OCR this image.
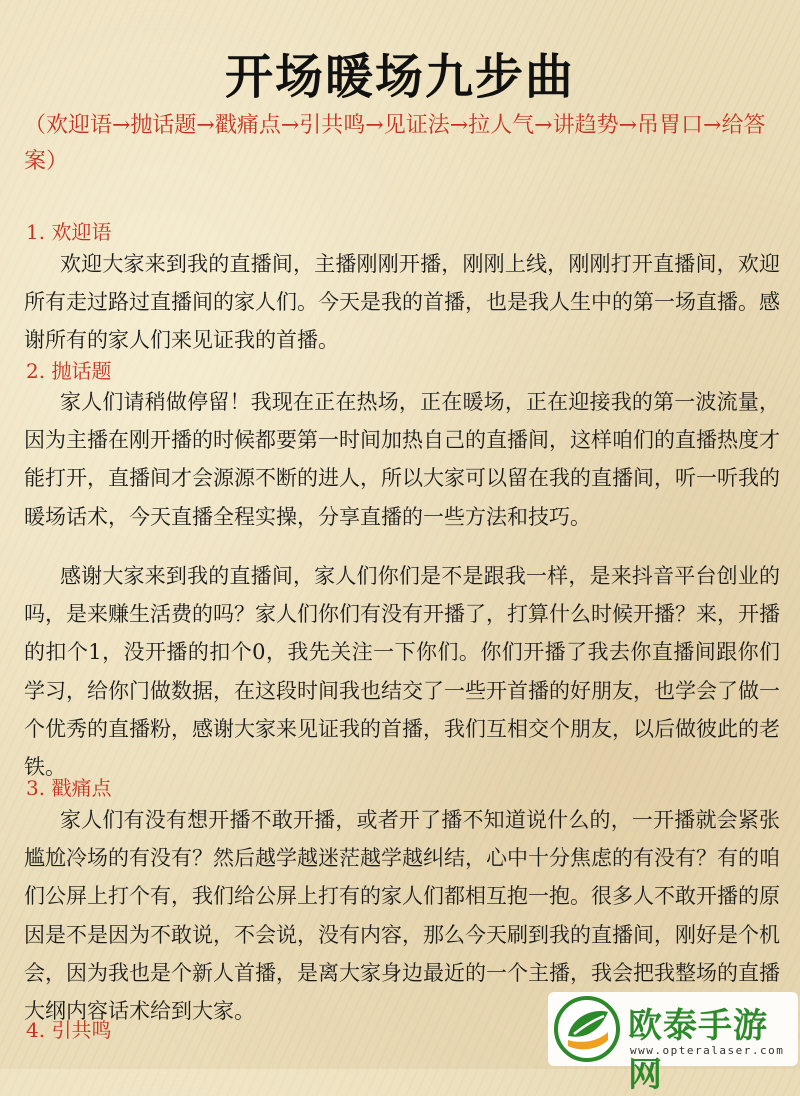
开场暖场九步曲
（欢迎语→抛话题→戳痛点→引共鸣→见证法→拉人气→讲趋势→吊胃口→给答案）
1. 欢迎语
欢迎大家来到我的直播间，主播刚刚开播，刚刚上线，刚刚打开直播间，欢迎所有走过路过直播间的家人们。今天是我的首播，也是我人生中的第一场直播。感谢所有的家人们来见证我的首播。
2. 抛话题
家人们请稍做停留！我现在正在热场，正在暖场，正在迎接我的第一波流量，因为主播在刚开播的时候都要第一时间加热自己的直播间，这样咱们的直播热度才能打开，直播间才会源源不断的进人，所以大家可以留在我的直播间，听一听我的暖场话术，今天直播全程实操，分享直播的一些方法和技巧。
感谢大家来到我的直播间，家人们你们是不是跟我一样，是来抖音平台创业的吗，是来赚生活费的吗？家人们你们有没有开播了，打算什么时候开播？来，开播的扣个1，没开播的扣个0，我先关注一下你们。你们开播了我去你直播间跟你们学习，给你门做数据，在这段时间我也结交了一些开首播的好朋友，也学会了做一个优秀的直播粉，感谢大家来见证我的首播，我们互相交个朋友，以后做彼此的老铁。
3. 戳痛点
家人们有没有想开播不敢开播，或者开了播不知道说什么的，一开播就会紧张尴尬冷场的有没有？然后越学越迷茫越学越纠结，心中十分焦虑的有没有？有的咱们公屏上打个有，我们给公屏上打有的家人们都相互抱一抱。很多人不敢开播的原因是不是因为不敢说，不会说，没有内容，那么今天刷到我的直播间，刚好是个机会，因为我也是个新人首播，是离大家身边最近的一个主播，我会把我整场的直播大纲内容话术给到大家。
4. 引共鸣	欧泰手游网
www.opteralaser.com
